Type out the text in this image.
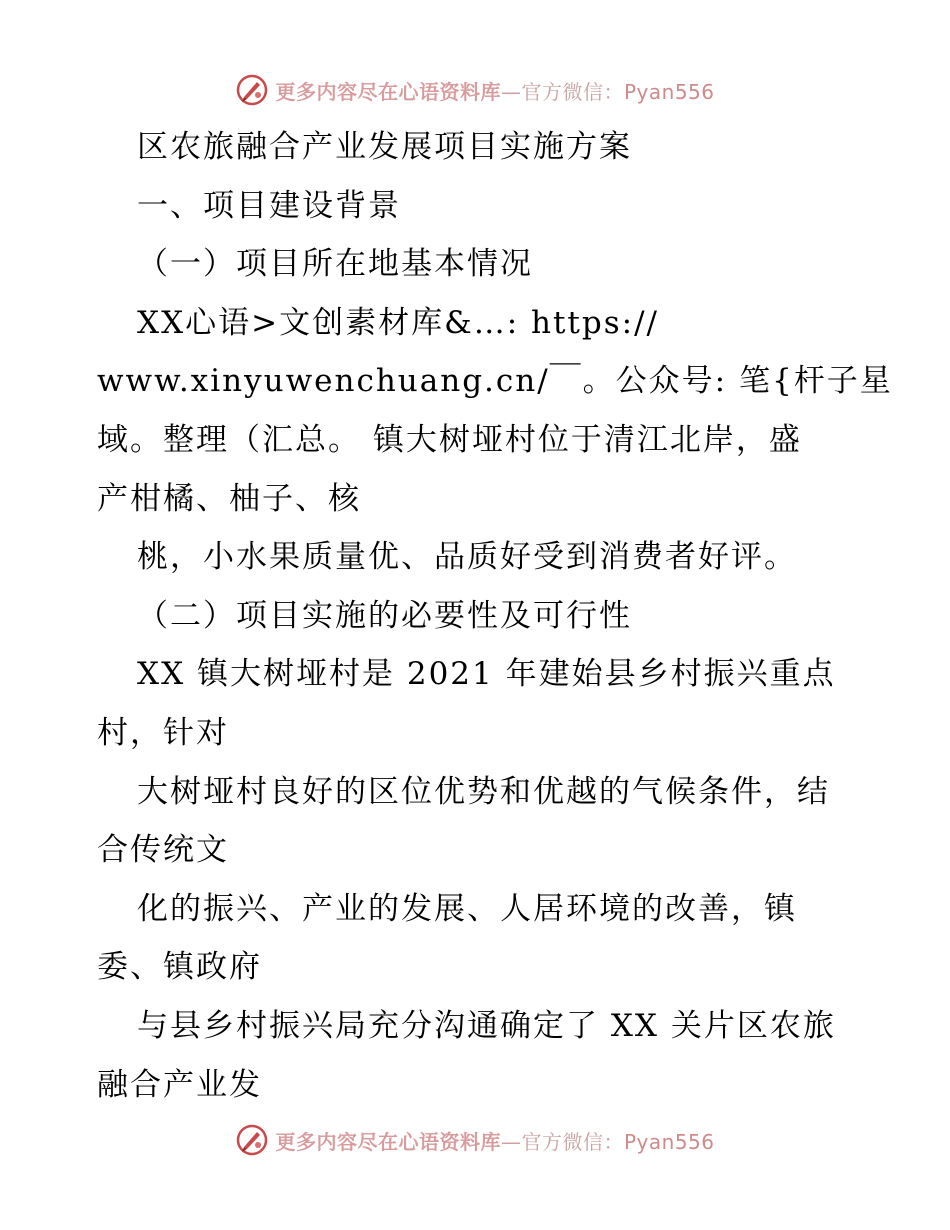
更多内容尽在心语资料库—官方微信：Pyan556
区农旅融合产业发展项目实施方案
一、项目建设背景
（一）项目所在地基本情况
XX心语>文创素材库&…: https://
www.xinyuwenchuang.cn/￣。公众号: 笔{杆子星
域。整理（汇总。 镇大树垭村位于清江北岸，盛
产柑橘、柚子、核
桃，小水果质量优、品质好受到消费者好评。
（二）项目实施的必要性及可行性
XX 镇大树垭村是 2021 年建始县乡村振兴重点
村，针对
大树垭村良好的区位优势和优越的气候条件，结
合传统文
化的振兴、产业的发展、人居环境的改善，镇
委、镇政府
与县乡村振兴局充分沟通确定了 XX 关片区农旅
融合产业发
更多内容尽在心语资料库—官方微信：Pyan556
